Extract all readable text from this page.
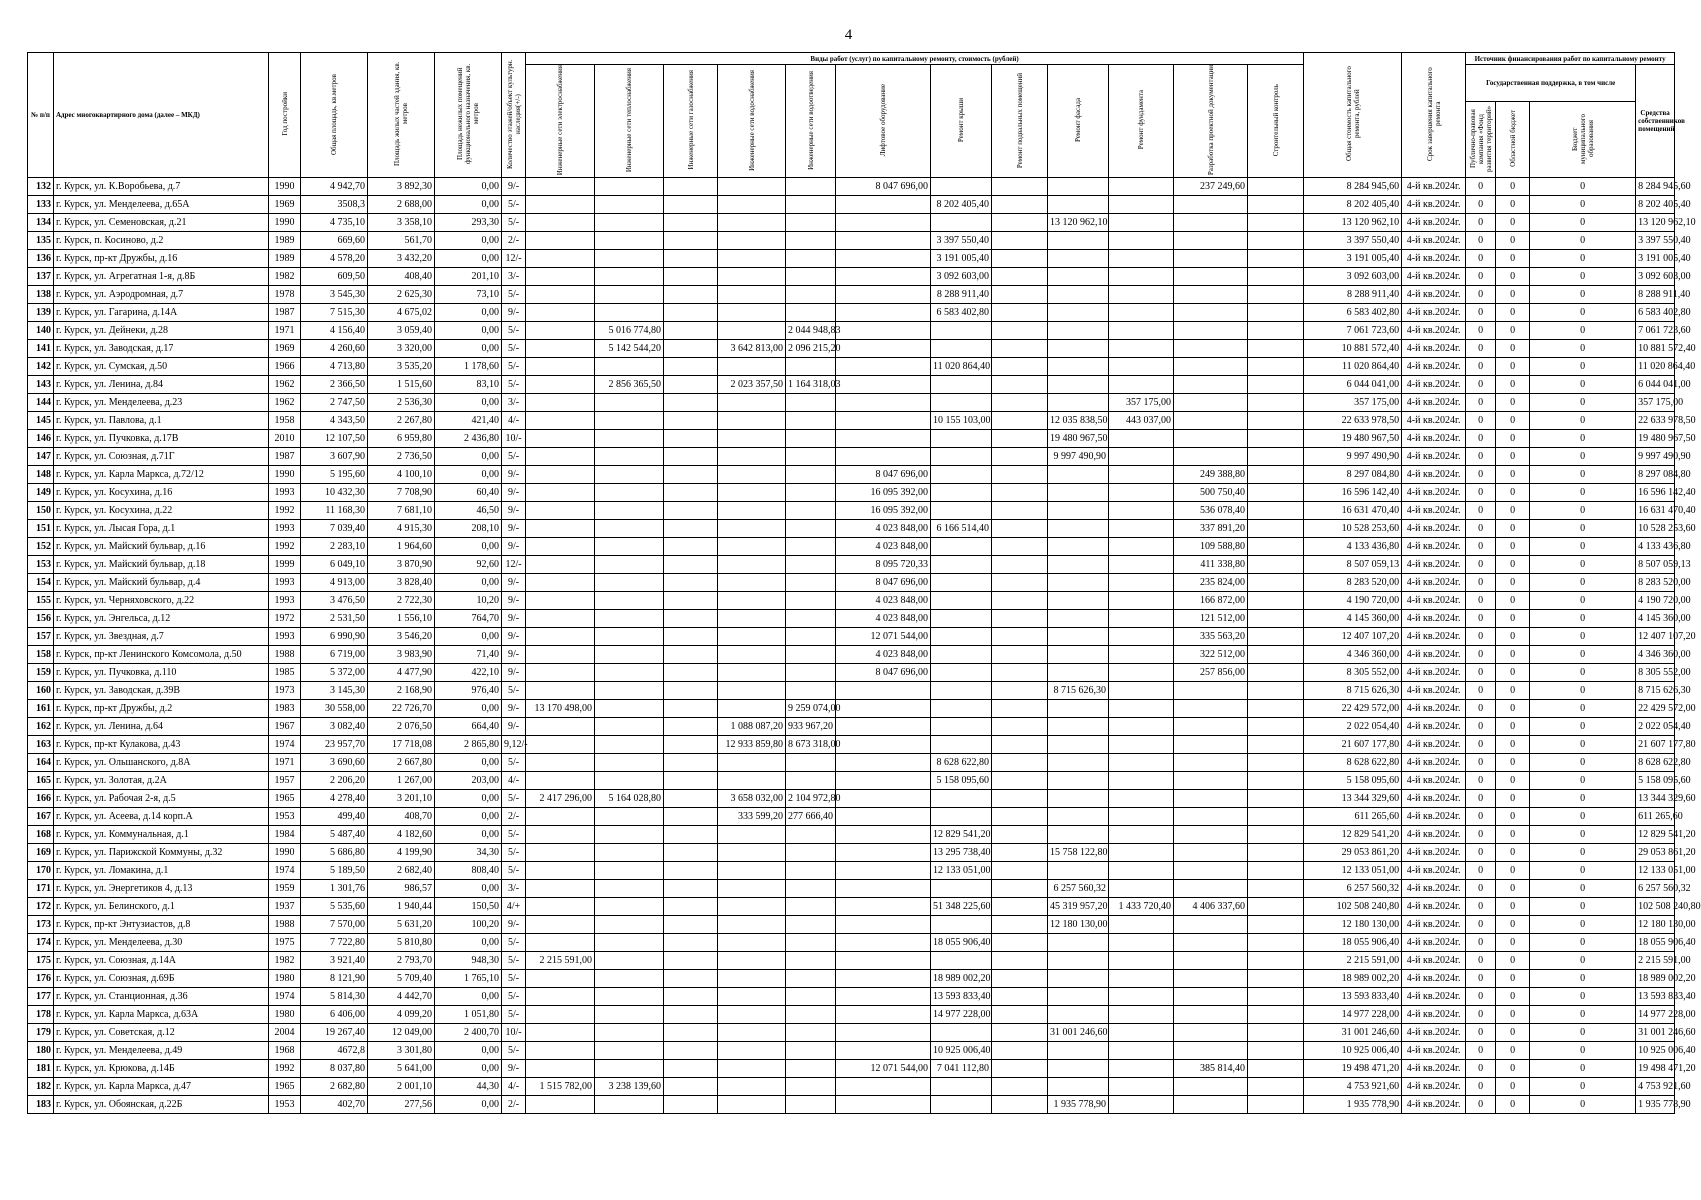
4
№ п/п	Адрес многоквартирного дома (далее – МКД)	Год постройки	Общая площадь, кв.метров	Площадь жилых частей здания, кв. метров	Площадь нежилых помещений функционального назначения, кв. метров	Количество этажей/объект культурн. наследия(+/-)	Виды работ (услуг) по капитальному ремонту, стоимость (рублей)												Общая стоимость капитального ремонта, рублей	Срок завершения капитального ремонта	Источник финансирования работ по капитальному ремонту			
							Инженерные сети электроснабжения	Инженерные сети теплоснабжения	Инженерные сети газоснабжения	Инженерные сети водоснабжения	Инженерные сети водоотведения	Лифтовое оборудование	Ремонт крыши	Ремонт подвальных помещений	Ремонт фасада	Ремонт фундамента	Разработка проектной документации	Строительный контроль			Государственная поддержка, в том числе			Средства собственников помещений
																					Публично-правовая компания «Фонд развития территорий»	Областной бюджет	Бюджет муниципального образования	
132	г. Курск, ул. К.Воробьева, д.7	1990	4 942,70	3 892,30	0,00	9/-						8 047 696,00					237 249,60		8 284 945,60	4-й кв.2024г.	0	0	0	8 284 945,60
133	г. Курск, ул. Менделеева, д.65А	1969	3508,3	2 688,00	0,00	5/-							8 202 405,40						8 202 405,40	4-й кв.2024г.	0	0	0	8 202 405,40
134	г. Курск, ул. Семеновская, д.21	1990	4 735,10	3 358,10	293,30	5/-									13 120 962,10				13 120 962,10	4-й кв.2024г.	0	0	0	13 120 962,10
135	г. Курск, п. Косиново, д.2	1989	669,60	561,70	0,00	2/-							3 397 550,40						3 397 550,40	4-й кв.2024г.	0	0	0	3 397 550,40
136	г. Курск, пр-кт Дружбы, д.16	1989	4 578,20	3 432,20	0,00	12/-							3 191 005,40						3 191 005,40	4-й кв.2024г.	0	0	0	3 191 005,40
137	г. Курск, ул. Агрегатная 1-я, д.8Б	1982	609,50	408,40	201,10	3/-							3 092 603,00						3 092 603,00	4-й кв.2024г.	0	0	0	3 092 603,00
138	г. Курск, ул. Аэродромная, д.7	1978	3 545,30	2 625,30	73,10	5/-							8 288 911,40						8 288 911,40	4-й кв.2024г.	0	0	0	8 288 911,40
139	г. Курск, ул. Гагарина, д.14А	1987	7 515,30	4 675,02	0,00	9/-							6 583 402,80						6 583 402,80	4-й кв.2024г.	0	0	0	6 583 402,80
140	г. Курск, ул. Дейнеки, д.28	1971	4 156,40	3 059,40	0,00	5/-		5 016 774,80			2 044 948,83								7 061 723,60	4-й кв.2024г.	0	0	0	7 061 723,60
141	г. Курск, ул. Заводская, д.17	1969	4 260,60	3 320,00	0,00	5/-		5 142 544,20		3 642 813,00	2 096 215,20								10 881 572,40	4-й кв.2024г.	0	0	0	10 881 572,40
142	г. Курск, ул. Сумская, д.50	1966	4 713,80	3 535,20	1 178,60	5/-							11 020 864,40						11 020 864,40	4-й кв.2024г.	0	0	0	11 020 864,40
143	г. Курск, ул. Ленина, д.84	1962	2 366,50	1 515,60	83,10	5/-		2 856 365,50		2 023 357,50	1 164 318,03								6 044 041,00	4-й кв.2024г.	0	0	0	6 044 041,00
144	г. Курск, ул. Менделеева, д.23	1962	2 747,50	2 536,30	0,00	3/-										357 175,00			357 175,00	4-й кв.2024г.	0	0	0	357 175,00
145	г. Курск, ул. Павлова, д.1	1958	4 343,50	2 267,80	421,40	4/-							10 155 103,00		12 035 838,50	443 037,00			22 633 978,50	4-й кв.2024г.	0	0	0	22 633 978,50
146	г. Курск, ул. Пучковка, д.17В	2010	12 107,50	6 959,80	2 436,80	10/-									19 480 967,50				19 480 967,50	4-й кв.2024г.	0	0	0	19 480 967,50
147	г. Курск, ул. Союзная, д.71Г	1987	3 607,90	2 736,50	0,00	5/-									9 997 490,90				9 997 490,90	4-й кв.2024г.	0	0	0	9 997 490,90
148	г. Курск, ул. Карла Маркса, д.72/12	1990	5 195,60	4 100,10	0,00	9/-						8 047 696,00					249 388,80		8 297 084,80	4-й кв.2024г.	0	0	0	8 297 084,80
149	г. Курск, ул. Косухина, д.16	1993	10 432,30	7 708,90	60,40	9/-						16 095 392,00					500 750,40		16 596 142,40	4-й кв.2024г.	0	0	0	16 596 142,40
150	г. Курск, ул. Косухина, д.22	1992	11 168,30	7 681,10	46,50	9/-						16 095 392,00					536 078,40		16 631 470,40	4-й кв.2024г.	0	0	0	16 631 470,40
151	г. Курск, ул. Лысая Гора, д.1	1993	7 039,40	4 915,30	208,10	9/-						4 023 848,00	6 166 514,40				337 891,20		10 528 253,60	4-й кв.2024г.	0	0	0	10 528 253,60
152	г. Курск, ул. Майский бульвар, д.16	1992	2 283,10	1 964,60	0,00	9/-						4 023 848,00					109 588,80		4 133 436,80	4-й кв.2024г.	0	0	0	4 133 436,80
153	г. Курск, ул. Майский бульвар, д.18	1999	6 049,10	3 870,90	92,60	12/-						8 095 720,33					411 338,80		8 507 059,13	4-й кв.2024г.	0	0	0	8 507 059,13
154	г. Курск, ул. Майский бульвар, д.4	1993	4 913,00	3 828,40	0,00	9/-						8 047 696,00					235 824,00		8 283 520,00	4-й кв.2024г.	0	0	0	8 283 520,00
155	г. Курск, ул. Черняховского, д.22	1993	3 476,50	2 722,30	10,20	9/-						4 023 848,00					166 872,00		4 190 720,00	4-й кв.2024г.	0	0	0	4 190 720,00
156	г. Курск, ул. Энгельса, д.12	1972	2 531,50	1 556,10	764,70	9/-						4 023 848,00					121 512,00		4 145 360,00	4-й кв.2024г.	0	0	0	4 145 360,00
157	г. Курск, ул. Звездная, д.7	1993	6 990,90	3 546,20	0,00	9/-						12 071 544,00					335 563,20		12 407 107,20	4-й кв.2024г.	0	0	0	12 407 107,20
158	г. Курск, пр-кт Ленинского Комсомола, д.50	1988	6 719,00	3 983,90	71,40	9/-						4 023 848,00					322 512,00		4 346 360,00	4-й кв.2024г.	0	0	0	4 346 360,00
159	г. Курск, ул. Пучковка, д.110	1985	5 372,00	4 477,90	422,10	9/-						8 047 696,00					257 856,00		8 305 552,00	4-й кв.2024г.	0	0	0	8 305 552,00
160	г. Курск, ул. Заводская, д.39В	1973	3 145,30	2 168,90	976,40	5/-									8 715 626,30				8 715 626,30	4-й кв.2024г.	0	0	0	8 715 626,30
161	г. Курск, пр-кт Дружбы, д.2	1983	30 558,00	22 726,70	0,00	9/-	13 170 498,00				9 259 074,00								22 429 572,00	4-й кв.2024г.	0	0	0	22 429 572,00
162	г. Курск, ул. Ленина, д.64	1967	3 082,40	2 076,50	664,40	9/-				1 088 087,20	933 967,20								2 022 054,40	4-й кв.2024г.	0	0	0	2 022 054,40
163	г. Курск, пр-кт Кулакова, д.43	1974	23 957,70	17 718,08	2 865,80	9,12/-				12 933 859,80	8 673 318,00								21 607 177,80	4-й кв.2024г.	0	0	0	21 607 177,80
164	г. Курск, ул. Ольшанского, д.8А	1971	3 690,60	2 667,80	0,00	5/-							8 628 622,80						8 628 622,80	4-й кв.2024г.	0	0	0	8 628 622,80
165	г. Курск, ул. Золотая, д.2А	1957	2 206,20	1 267,00	203,00	4/-							5 158 095,60						5 158 095,60	4-й кв.2024г.	0	0	0	5 158 095,60
166	г. Курск, ул. Рабочая 2-я, д.5	1965	4 278,40	3 201,10	0,00	5/-	2 417 296,00	5 164 028,80		3 658 032,00	2 104 972,80								13 344 329,60	4-й кв.2024г.	0	0	0	13 344 329,60
167	г. Курск, ул. Асеева, д.14 корп.А	1953	499,40	408,70	0,00	2/-				333 599,20	277 666,40								611 265,60	4-й кв.2024г.	0	0	0	611 265,60
168	г. Курск, ул. Коммунальная, д.1	1984	5 487,40	4 182,60	0,00	5/-							12 829 541,20						12 829 541,20	4-й кв.2024г.	0	0	0	12 829 541,20
169	г. Курск, ул. Парижской Коммуны, д.32	1990	5 686,80	4 199,90	34,30	5/-							13 295 738,40		15 758 122,80				29 053 861,20	4-й кв.2024г.	0	0	0	29 053 861,20
170	г. Курск, ул. Ломакина, д.1	1974	5 189,50	2 682,40	808,40	5/-							12 133 051,00						12 133 051,00	4-й кв.2024г.	0	0	0	12 133 051,00
171	г. Курск, ул. Энергетиков 4, д.13	1959	1 301,76	986,57	0,00	3/-									6 257 560,32				6 257 560,32	4-й кв.2024г.	0	0	0	6 257 560,32
172	г. Курск, ул. Белинского, д.1	1937	5 535,60	1 940,44	150,50	4/+							51 348 225,60		45 319 957,20	1 433 720,40	4 406 337,60		102 508 240,80	4-й кв.2024г.	0	0	0	102 508 240,80
173	г. Курск, пр-кт Энтузиастов, д.8	1988	7 570,00	5 631,20	100,20	9/-									12 180 130,00				12 180 130,00	4-й кв.2024г.	0	0	0	12 180 130,00
174	г. Курск, ул. Менделеева, д.30	1975	7 722,80	5 810,80	0,00	5/-							18 055 906,40						18 055 906,40	4-й кв.2024г.	0	0	0	18 055 906,40
175	г. Курск, ул. Союзная, д.14А	1982	3 921,40	2 793,70	948,30	5/-	2 215 591,00												2 215 591,00	4-й кв.2024г.	0	0	0	2 215 591,00
176	г. Курск, ул. Союзная, д.69Б	1980	8 121,90	5 709,40	1 765,10	5/-							18 989 002,20						18 989 002,20	4-й кв.2024г.	0	0	0	18 989 002,20
177	г. Курск, ул. Станционная, д.36	1974	5 814,30	4 442,70	0,00	5/-							13 593 833,40						13 593 833,40	4-й кв.2024г.	0	0	0	13 593 833,40
178	г. Курск, ул. Карла Маркса, д.63А	1980	6 406,00	4 099,20	1 051,80	5/-							14 977 228,00						14 977 228,00	4-й кв.2024г.	0	0	0	14 977 228,00
179	г. Курск, ул. Советская, д.12	2004	19 267,40	12 049,00	2 400,70	10/-									31 001 246,60				31 001 246,60	4-й кв.2024г.	0	0	0	31 001 246,60
180	г. Курск, ул. Менделеева, д.49	1968	4672,8	3 301,80	0,00	5/-							10 925 006,40						10 925 006,40	4-й кв.2024г.	0	0	0	10 925 006,40
181	г. Курск, ул. Крюкова, д.14Б	1992	8 037,80	5 641,00	0,00	9/-						12 071 544,00	7 041 112,80				385 814,40		19 498 471,20	4-й кв.2024г.	0	0	0	19 498 471,20
182	г. Курск, ул. Карла Маркса, д.47	1965	2 682,80	2 001,10	44,30	4/-	1 515 782,00	3 238 139,60											4 753 921,60	4-й кв.2024г.	0	0	0	4 753 921,60
183	г. Курск, ул. Обоянская, д.22Б	1953	402,70	277,56	0,00	2/-									1 935 778,90				1 935 778,90	4-й кв.2024г.	0	0	0	1 935 778,90
